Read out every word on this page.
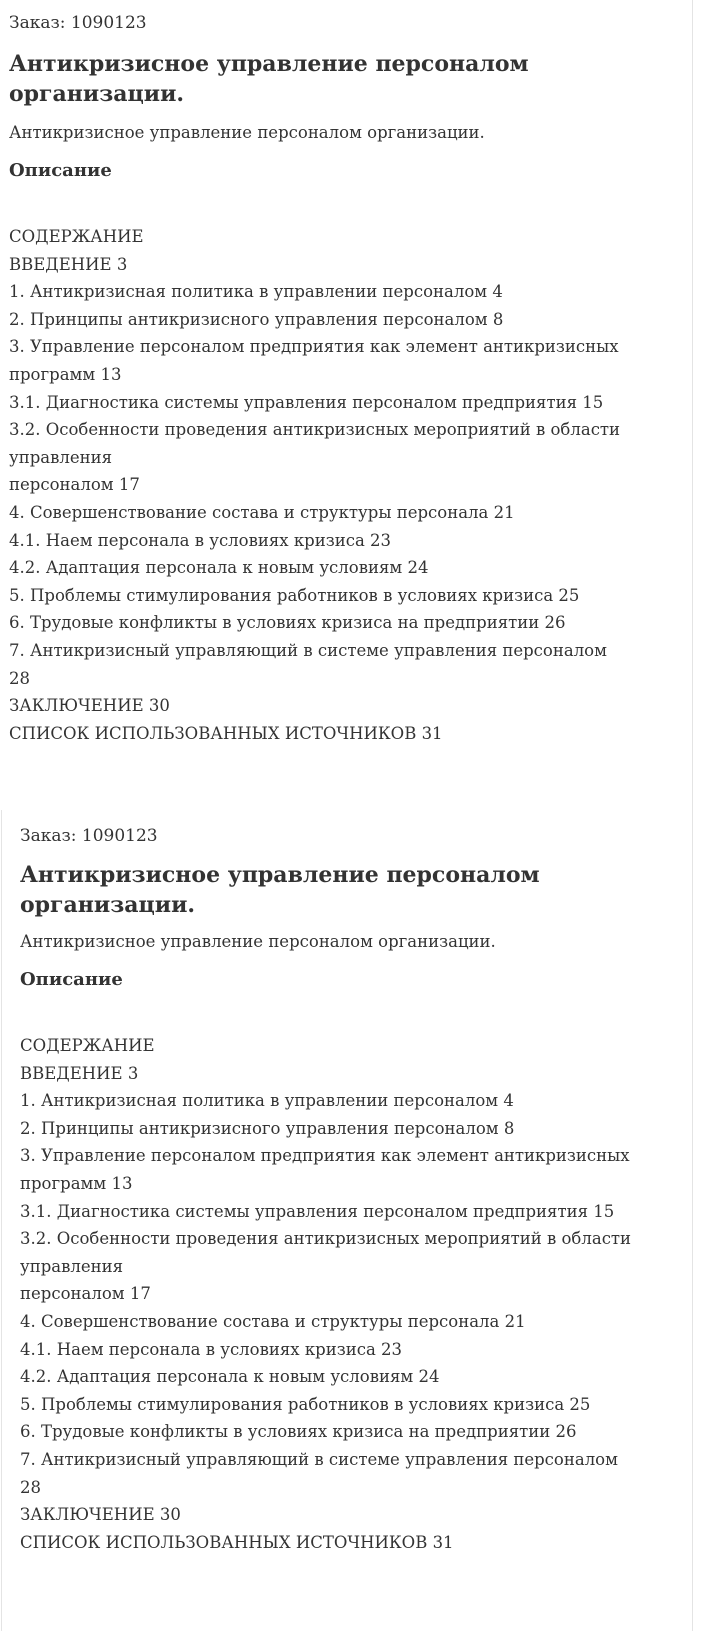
Заказ: 1090123

Антикризисное управление персоналом организации.

Антикризисное управление персоналом организации.

Описание
СОДЕРЖАНИЕ
ВВЕДЕНИЕ 3
1. Антикризисная политика в управлении персоналом 4
2. Принципы антикризисного управления персоналом 8
3. Управление персоналом предприятия как элемент антикризисных
программ 13
3.1. Диагностика системы управления персоналом предприятия 15
3.2. Особенности проведения антикризисных мероприятий в области
управления
персоналом 17
4. Совершенствование состава и структуры персонала 21
4.1. Наем персонала в условиях кризиса 23
4.2. Адаптация персонала к новым условиям 24
5. Проблемы стимулирования работников в условиях кризиса 25
6. Трудовые конфликты в условиях кризиса на предприятии 26
7. Антикризисный управляющий в системе управления персоналом
28
ЗАКЛЮЧЕНИЕ 30
СПИСОК ИСПОЛЬЗОВАННЫХ ИСТОЧНИКОВ 31

Заказ: 1090123

Антикризисное управление персоналом организации.

Антикризисное управление персоналом организации.

Описание
СОДЕРЖАНИЕ
ВВЕДЕНИЕ 3
1. Антикризисная политика в управлении персоналом 4
2. Принципы антикризисного управления персоналом 8
3. Управление персоналом предприятия как элемент антикризисных
программ 13
3.1. Диагностика системы управления персоналом предприятия 15
3.2. Особенности проведения антикризисных мероприятий в области
управления
персоналом 17
4. Совершенствование состава и структуры персонала 21
4.1. Наем персонала в условиях кризиса 23
4.2. Адаптация персонала к новым условиям 24
5. Проблемы стимулирования работников в условиях кризиса 25
6. Трудовые конфликты в условиях кризиса на предприятии 26
7. Антикризисный управляющий в системе управления персоналом
28
ЗАКЛЮЧЕНИЕ 30
СПИСОК ИСПОЛЬЗОВАННЫХ ИСТОЧНИКОВ 31
